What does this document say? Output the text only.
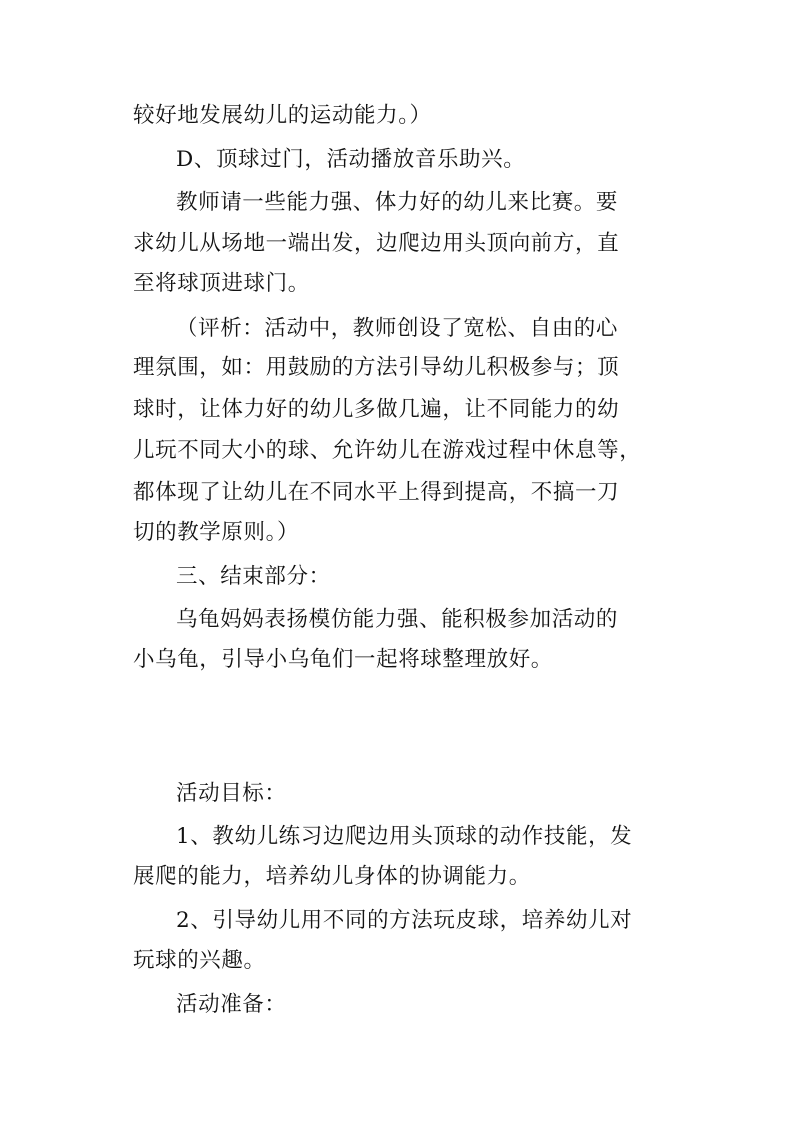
较好地发展幼儿的运动能力。）
D、顶球过门，活动播放音乐助兴。
教师请一些能力强、体力好的幼儿来比赛。要
求幼儿从场地一端出发，边爬边用头顶向前方，直
至将球顶进球门。
（评析：活动中，教师创设了宽松、自由的心
理氛围，如：用鼓励的方法引导幼儿积极参与；顶
球时，让体力好的幼儿多做几遍，让不同能力的幼
儿玩不同大小的球、允许幼儿在游戏过程中休息等，
都体现了让幼儿在不同水平上得到提高，不搞一刀
切的教学原则。）
三、结束部分：
乌龟妈妈表扬模仿能力强、能积极参加活动的
小乌龟，引导小乌龟们一起将球整理放好。
活动目标：
1、教幼儿练习边爬边用头顶球的动作技能，发
展爬的能力，培养幼儿身体的协调能力。
2、引导幼儿用不同的方法玩皮球，培养幼儿对
玩球的兴趣。
活动准备：
